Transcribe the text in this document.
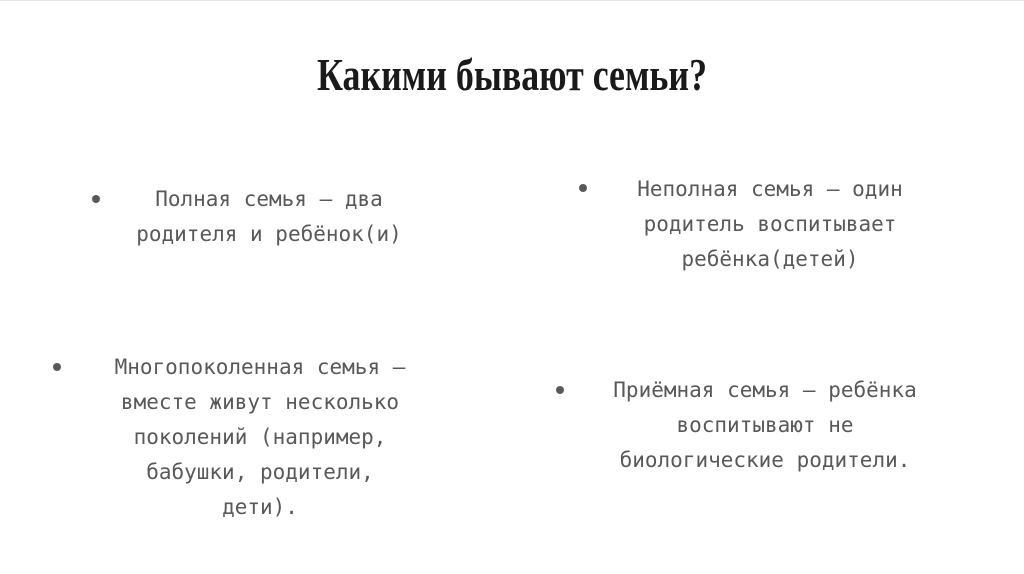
Какими бывают семьи?
Полная семья – два
родителя и ребёнок(и)
Неполная семья – один
родитель воспитывает
ребёнка(детей)
Многопоколенная семья –
вместе живут несколько
поколений (например,
бабушки, родители,
дети).
Приёмная семья – ребёнка
воспитывают не
биологические родители.
